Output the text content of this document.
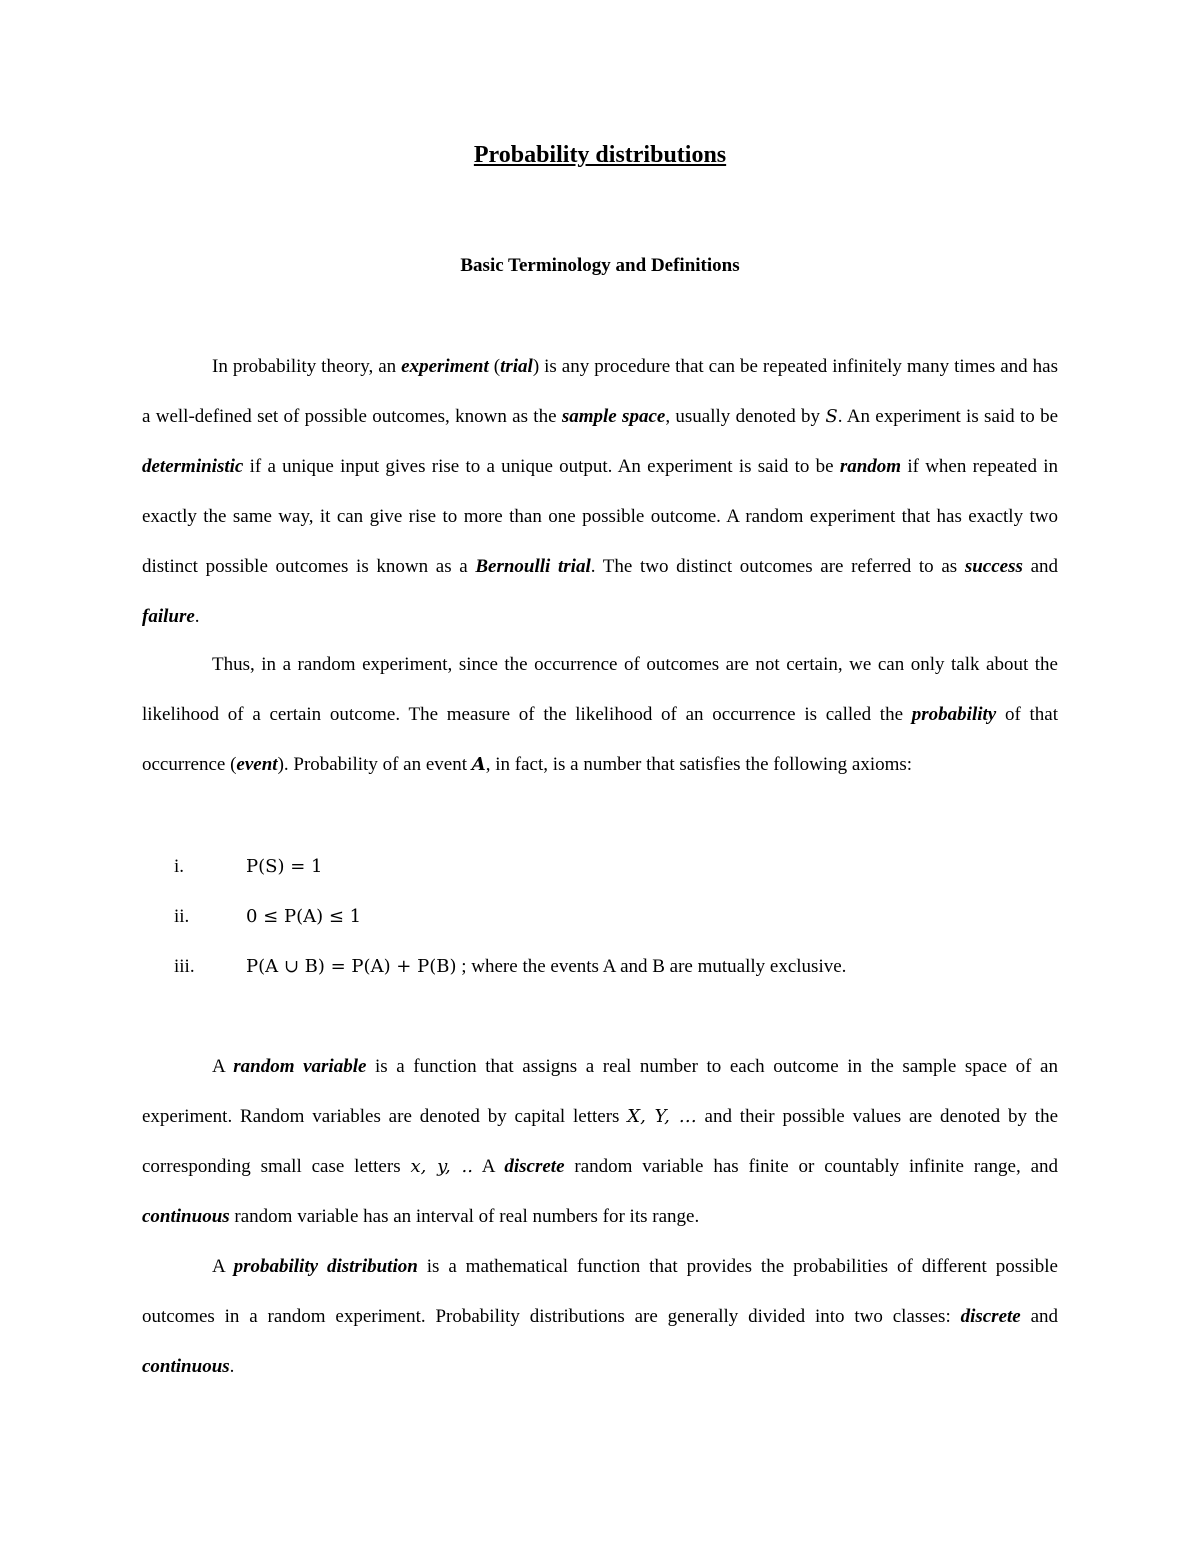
Probability distributions
Basic Terminology and Definitions

In probability theory, an experiment (trial) is any procedure that can be repeated infinitely many times and has a well-defined set of possible outcomes, known as the sample space, usually denoted by S. An experiment is said to be deterministic if a unique input gives rise to a unique output. An experiment is said to be random if when repeated in exactly the same way, it can give rise to more than one possible outcome. A random experiment that has exactly two distinct possible outcomes is known as a Bernoulli trial. The two distinct outcomes are referred to as success and failure.

Thus, in a random experiment, since the occurrence of outcomes are not certain, we can only talk about the likelihood of a certain outcome. The measure of the likelihood of an occurrence is called the probability of that occurrence (event). Probability of an event A, in fact, is a number that satisfies the following axioms:

i.	P(S) = 1
ii.	0 ≤ P(A) ≤ 1
iii.	P(A ∪ B) = P(A) + P(B) ; where the events A and B are mutually exclusive.

A random variable is a function that assigns a real number to each outcome in the sample space of an experiment. Random variables are denoted by capital letters X, Y, … and their possible values are denoted by the corresponding small case letters x, y, .. A discrete random variable has finite or countably infinite range, and continuous random variable has an interval of real numbers for its range.

A probability distribution is a mathematical function that provides the probabilities of different possible outcomes in a random experiment. Probability distributions are generally divided into two classes: discrete and continuous.
